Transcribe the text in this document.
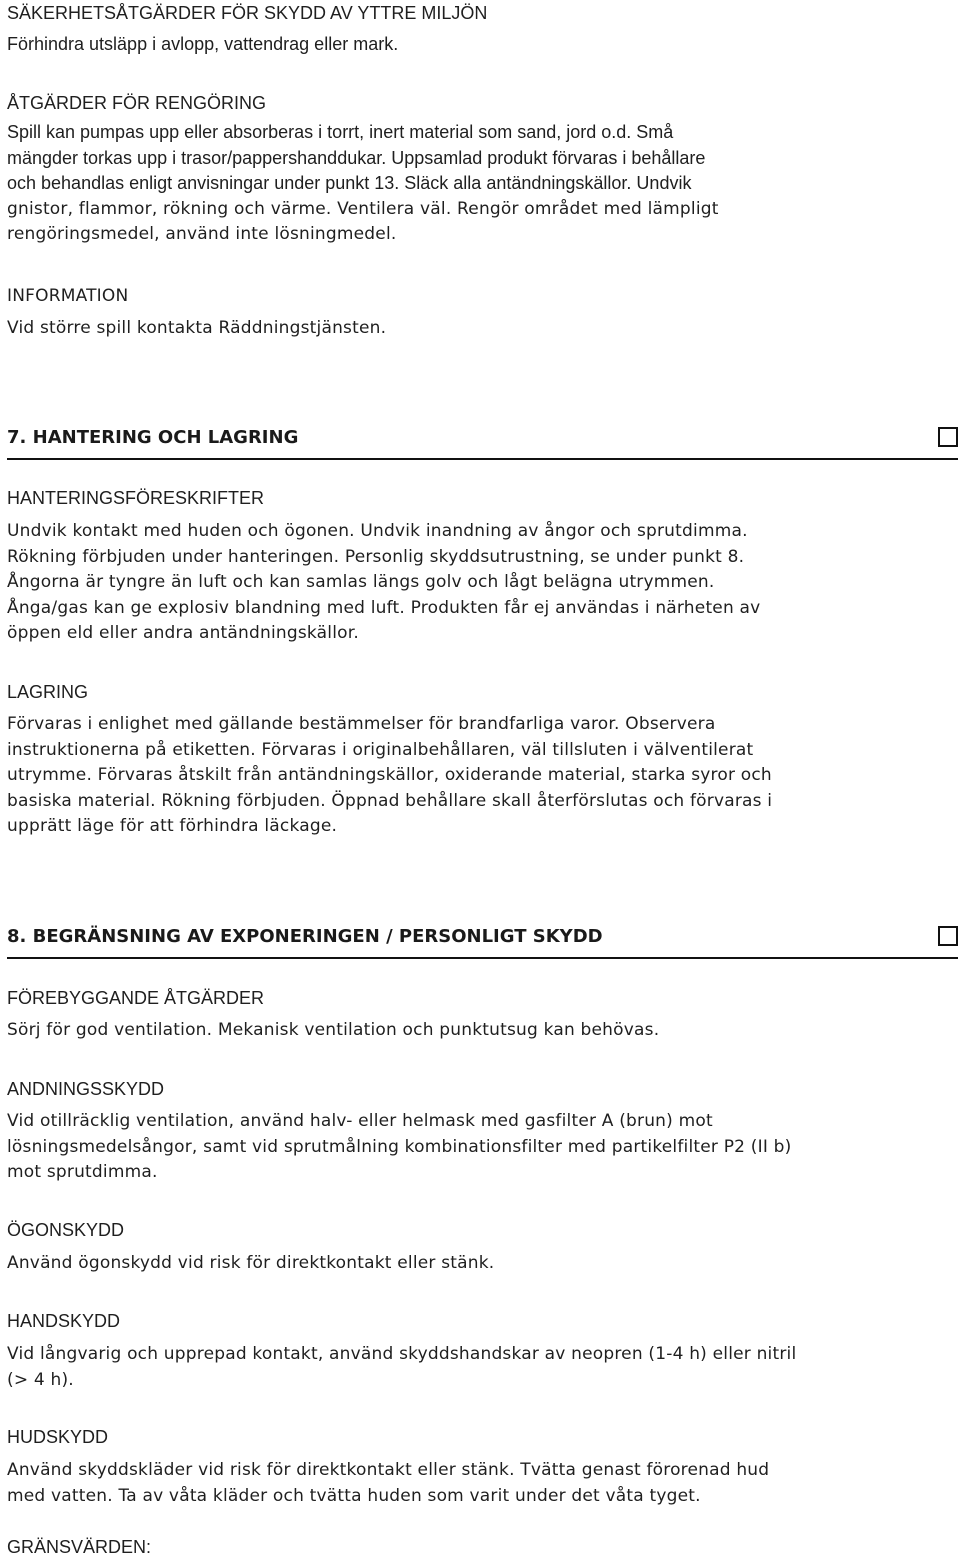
SÄKERHETSÅTGÄRDER FÖR SKYDD AV YTTRE MILJÖN
Förhindra utsläpp i avlopp, vattendrag eller mark.
ÅTGÄRDER FÖR RENGÖRING
Spill kan pumpas upp eller absorberas i torrt, inert material som sand, jord o.d. Små
mängder torkas upp i trasor/pappershanddukar. Uppsamlad produkt förvaras i behållare
och behandlas enligt anvisningar under punkt 13. Släck alla antändningskällor. Undvik
gnistor, flammor, rökning och värme. Ventilera väl. Rengör området med lämpligt
rengöringsmedel, använd inte lösningmedel.
INFORMATION
Vid större spill kontakta Räddningstjänsten.
7. HANTERING OCH LAGRING
HANTERINGSFÖRESKRIFTER
Undvik kontakt med huden och ögonen. Undvik inandning av ångor och sprutdimma.
Rökning förbjuden under hanteringen. Personlig skyddsutrustning, se under punkt 8.
Ångorna är tyngre än luft och kan samlas längs golv och lågt belägna utrymmen.
Ånga/gas kan ge explosiv blandning med luft. Produkten får ej användas i närheten av
öppen eld eller andra antändningskällor.
LAGRING
Förvaras i enlighet med gällande bestämmelser för brandfarliga varor. Observera
instruktionerna på etiketten. Förvaras i originalbehållaren, väl tillsluten i välventilerat
utrymme. Förvaras åtskilt från antändningskällor, oxiderande material, starka syror och
basiska material. Rökning förbjuden. Öppnad behållare skall återförslutas och förvaras i
upprätt läge för att förhindra läckage.
8. BEGRÄNSNING AV EXPONERINGEN / PERSONLIGT SKYDD
FÖREBYGGANDE ÅTGÄRDER
Sörj för god ventilation. Mekanisk ventilation och punktutsug kan behövas.
ANDNINGSSKYDD
Vid otillräcklig ventilation, använd halv- eller helmask med gasfilter A (brun) mot
lösningsmedelsångor, samt vid sprutmålning kombinationsfilter med partikelfilter P2 (II b)
mot sprutdimma.
ÖGONSKYDD
Använd ögonskydd vid risk för direktkontakt eller stänk.
HANDSKYDD
Vid långvarig och upprepad kontakt, använd skyddshandskar av neopren (1-4 h) eller nitril
(> 4 h).
HUDSKYDD
Använd skyddskläder vid risk för direktkontakt eller stänk. Tvätta genast förorenad hud
med vatten. Ta av våta kläder och tvätta huden som varit under det våta tyget.
GRÄNSVÄRDEN:
